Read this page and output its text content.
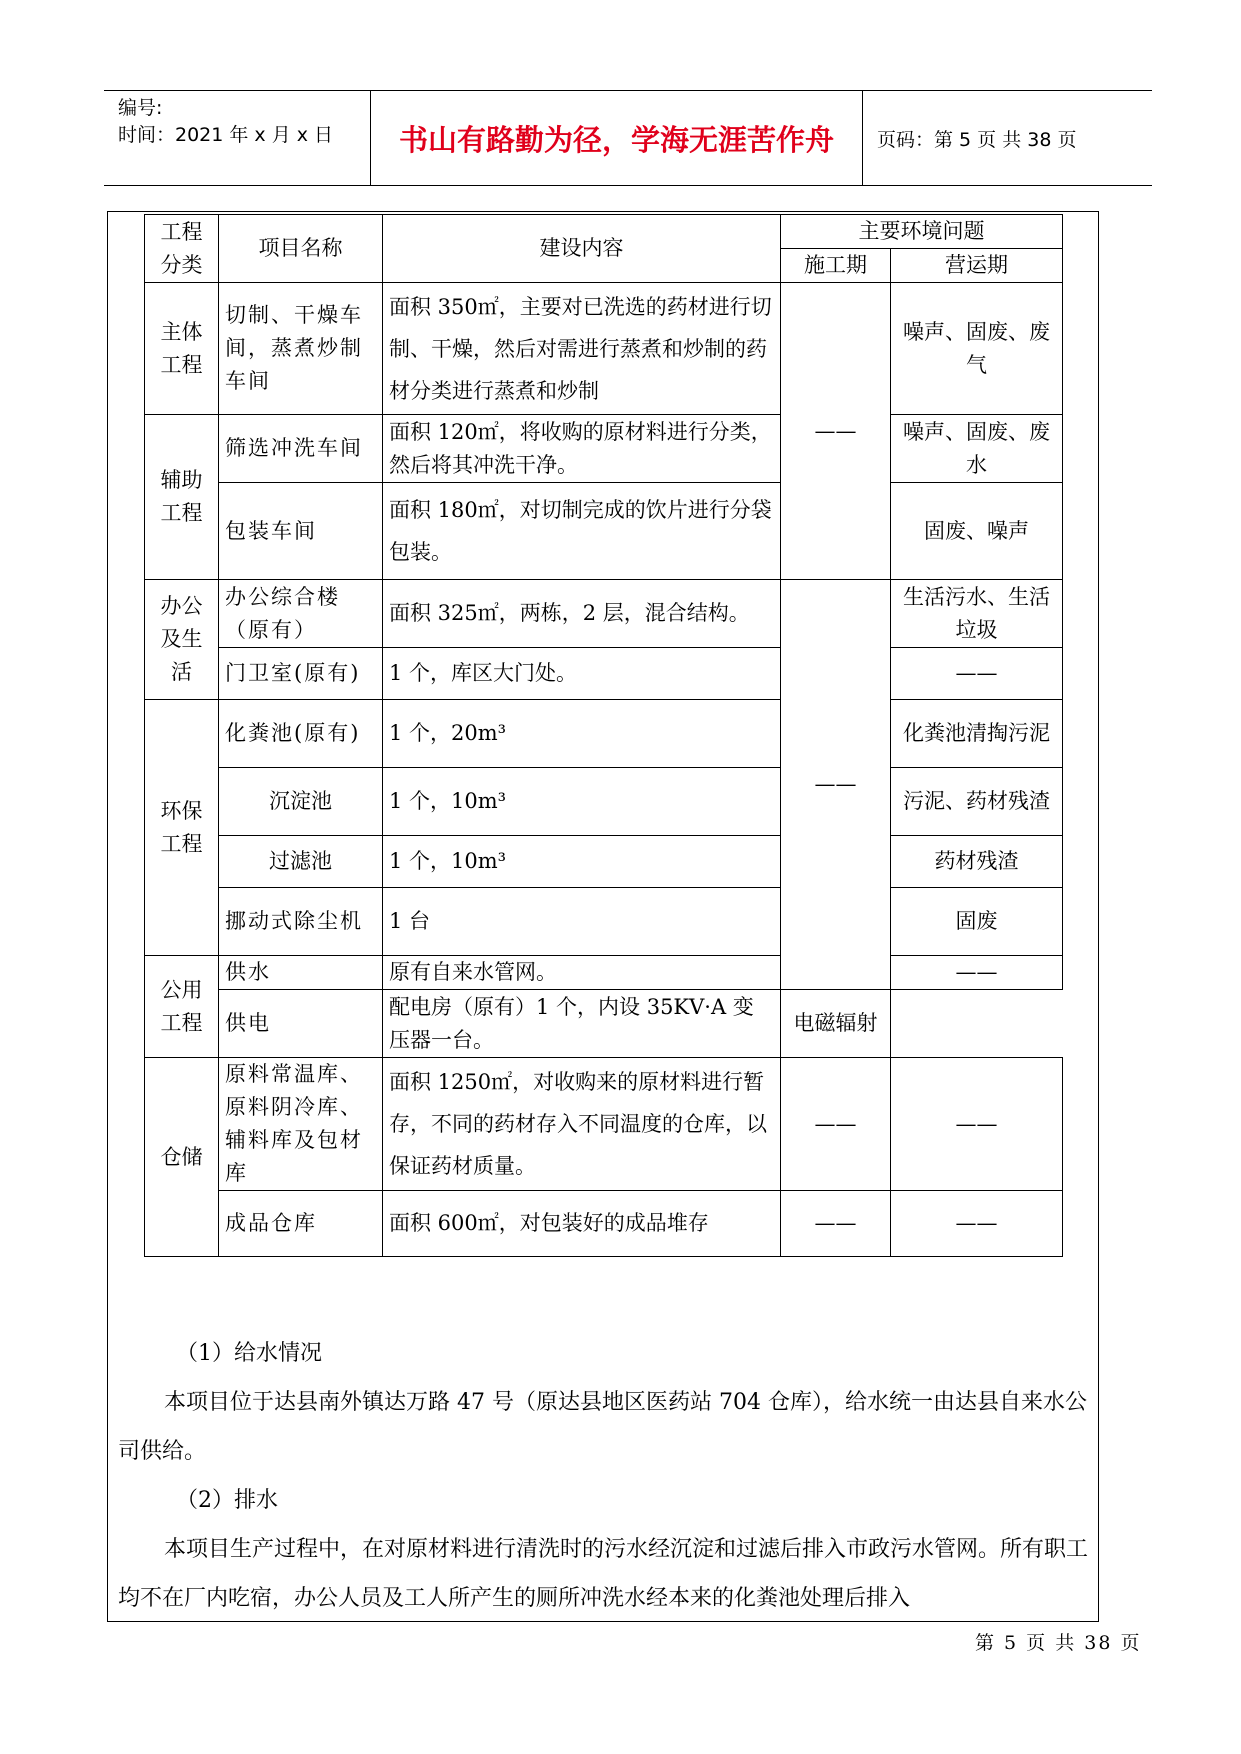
编号:
时间：2021 年 x 月 x 日	书山有路勤为径，学海无涯苦作舟	页码：第 5 页 共 38 页
工程分类	项目名称	建设内容	主要环境问题	
			施工期	营运期
主体工程	切制、干燥车间，蒸煮炒制车间	面积 350㎡，主要对已洗选的药材进行切制、干燥，然后对需进行蒸煮和炒制的药材分类进行蒸煮和炒制	——	噪声、固废、废气
辅助工程	筛选冲洗车间	面积 120㎡，将收购的原材料进行分类，然后将其冲洗干净。		噪声、固废、废水
	包装车间	面积 180㎡，对切制完成的饮片进行分袋包装。		固废、噪声
办公及生活	办公综合楼（原有）	面积 325㎡，两栋，2 层，混合结构。	——	生活污水、生活垃圾
	门卫室(原有)	1 个，库区大门处。		——
环保工程	化粪池(原有)	1 个，20m³		化粪池清掏污泥
	沉淀池	1 个，10m³		污泥、药材残渣
	过滤池	1 个，10m³		药材残渣
	挪动式除尘机	1 台		固废
公用工程	供水	原有自来水管网。		——
	供电	配电房（原有）1 个，内设 35KV·A 变压器一台。	电磁辐射	
仓储	原料常温库、原料阴冷库、辅料库及包材库	面积 1250㎡，对收购来的原材料进行暂存，不同的药材存入不同温度的仓库，以保证药材质量。	——	——
	成品仓库	面积 600㎡，对包装好的成品堆存	——	——

（1）给水情况

本项目位于达县南外镇达万路 47 号（原达县地区医药站 704 仓库），给水统一由达县自来水公司供给。

（2）排水

本项目生产过程中，在对原材料进行清洗时的污水经沉淀和过滤后排入市政污水管网。所有职工均不在厂内吃宿，办公人员及工人所产生的厕所冲洗水经本来的化粪池处理后排入

第 5 页 共 38 页
